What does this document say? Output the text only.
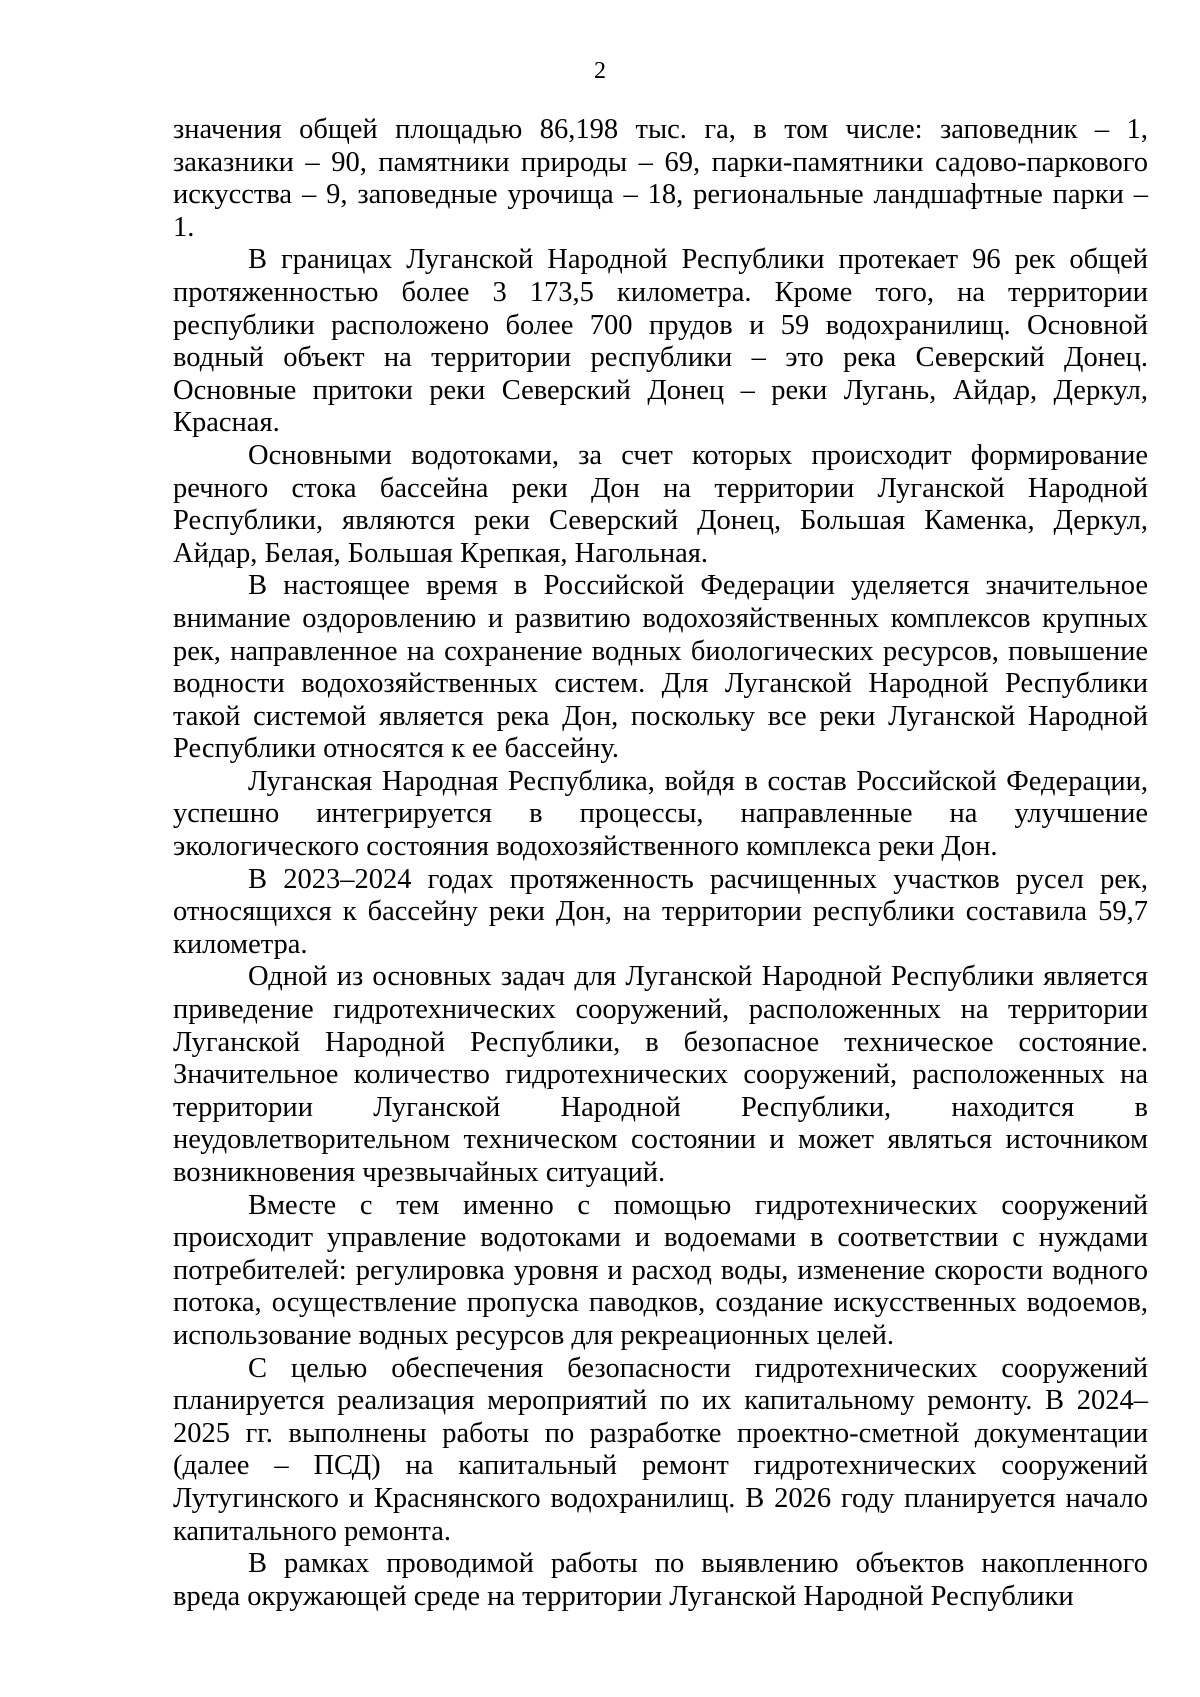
2

значения общей площадью 86,198 тыс. га, в том числе: заповедник – 1, заказники – 90, памятники природы – 69, парки-памятники садово-паркового искусства – 9, заповедные урочища – 18, региональные ландшафтные парки – 1.

В границах Луганской Народной Республики протекает 96 рек общей протяженностью более 3 173,5 километра. Кроме того, на территории республики расположено более 700 прудов и 59 водохранилищ. Основной водный объект на территории республики – это река Северский Донец. Основные притоки реки Северский Донец – реки Лугань, Айдар, Деркул, Красная.

Основными водотоками, за счет которых происходит формирование речного стока бассейна реки Дон на территории Луганской Народной Республики, являются реки Северский Донец, Большая Каменка, Деркул, Айдар, Белая, Большая Крепкая, Нагольная.

В настоящее время в Российской Федерации уделяется значительное внимание оздоровлению и развитию водохозяйственных комплексов крупных рек, направленное на сохранение водных биологических ресурсов, повышение водности водохозяйственных систем. Для Луганской Народной Республики такой системой является река Дон, поскольку все реки Луганской Народной Республики относятся к ее бассейну.

Луганская Народная Республика, войдя в состав Российской Федерации, успешно интегрируется в процессы, направленные на улучшение экологического состояния водохозяйственного комплекса реки Дон.

В 2023–2024 годах протяженность расчищенных участков русел рек, относящихся к бассейну реки Дон, на территории республики составила 59,7 километра.

Одной из основных задач для Луганской Народной Республики является приведение гидротехнических сооружений, расположенных на территории Луганской Народной Республики, в безопасное техническое состояние. Значительное количество гидротехнических сооружений, расположенных на территории Луганской Народной Республики, находится в неудовлетворительном техническом состоянии и может являться источником возникновения чрезвычайных ситуаций.

Вместе с тем именно с помощью гидротехнических сооружений происходит управление водотоками и водоемами в соответствии с нуждами потребителей: регулировка уровня и расход воды, изменение скорости водного потока, осуществление пропуска паводков, создание искусственных водоемов, использование водных ресурсов для рекреационных целей.

С целью обеспечения безопасности гидротехнических сооружений планируется реализация мероприятий по их капитальному ремонту. В 2024–2025 гг. выполнены работы по разработке проектно-сметной документации (далее – ПСД) на капитальный ремонт гидротехнических сооружений Лутугинского и Краснянского водохранилищ. В 2026 году планируется начало капитального ремонта.

В рамках проводимой работы по выявлению объектов накопленного вреда окружающей среде на территории Луганской Народной Республики
